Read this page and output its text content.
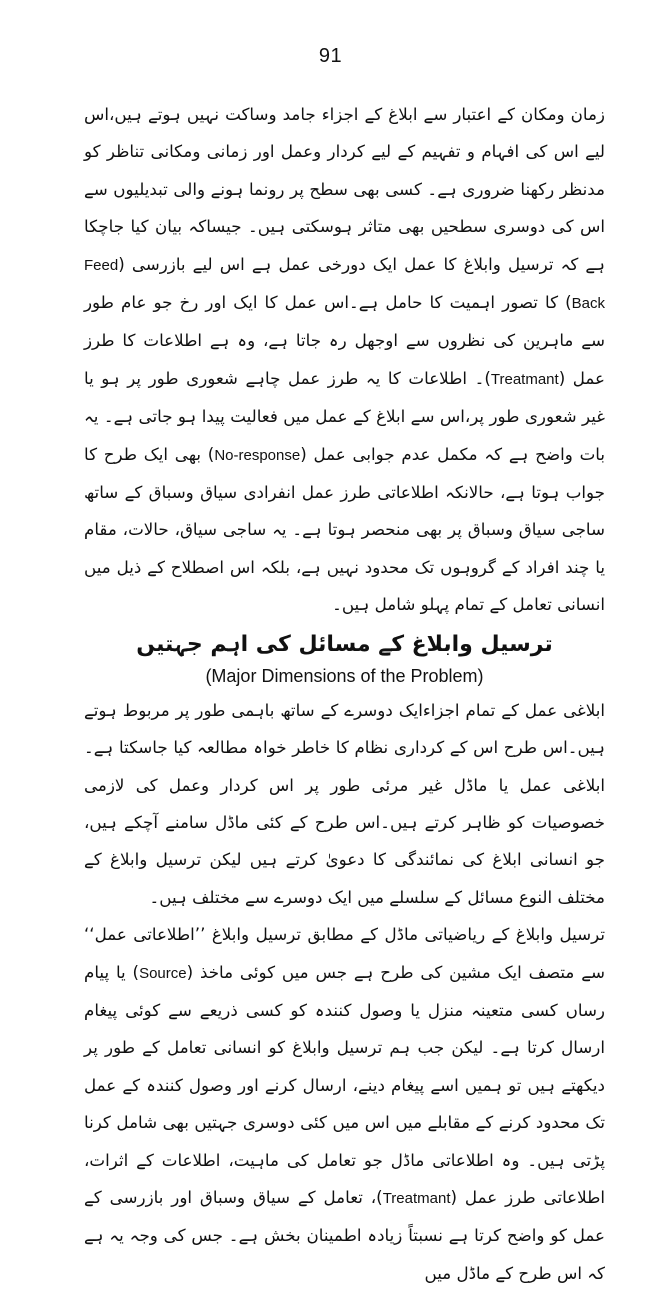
91

زمان ومکان کے اعتبار سے ابلاغ کے اجزاء جامد وساکت نہیں ہوتے ہیں،اس لیے اس کی افہام و تفہیم کے لیے کردار وعمل اور زمانی ومکانی تناظر کو مدنظر رکھنا ضروری ہے۔ کسی بھی سطح پر رونما ہونے والی تبدیلیوں سے اس کی دوسری سطحیں بھی متاثر ہوسکتی ہیں۔ جیساکہ بیان کیا جاچکا ہے کہ ترسیل وابلاغ کا عمل ایک دورخی عمل ہے اس لیے بازرسی (Feed Back) کا تصور اہمیت کا حامل ہے۔اس عمل کا ایک اور رخ جو عام طور سے ماہرین کی نظروں سے اوجھل رہ جاتا ہے، وہ ہے اطلاعات کا طرز عمل (Treatmant)۔ اطلاعات کا یہ طرز عمل چاہے شعوری طور پر ہو یا غیر شعوری طور پر،اس سے ابلاغ کے عمل میں فعالیت پیدا ہو جاتی ہے۔ یہ بات واضح ہے کہ مکمل عدم جوابی عمل (No-response) بھی ایک طرح کا جواب ہوتا ہے، حالانکہ اطلاعاتی طرز عمل انفرادی سیاق وسباق کے ساتھ ساجی سیاق وسباق پر بھی منحصر ہوتا ہے۔ یہ ساجی سیاق، حالات، مقام یا چند افراد کے گروہوں تک محدود نہیں ہے، بلکہ اس اصطلاح کے ذیل میں انسانی تعامل کے تمام پہلو شامل ہیں۔

ترسیل وابلاغ کے مسائل کی اہم جہتیں
(Major Dimensions of the Problem)

ابلاغی عمل کے تمام اجزاءایک دوسرے کے ساتھ باہمی طور پر مربوط ہوتے ہیں۔اس طرح اس کے کرداری نظام کا خاطر خواہ مطالعہ کیا جاسکتا ہے۔ ابلاغی عمل یا ماڈل غیر مرئی طور پر اس کردار وعمل کی لازمی خصوصیات کو ظاہر کرتے ہیں۔اس طرح کے کئی ماڈل سامنے آچکے ہیں، جو انسانی ابلاغ کی نمائندگی کا دعویٰ کرتے ہیں لیکن ترسیل وابلاغ کے مختلف النوع مسائل کے سلسلے میں ایک دوسرے سے مختلف ہیں۔

ترسیل وابلاغ کے ریاضیاتی ماڈل کے مطابق ترسیل وابلاغ ’’اطلاعاتی عمل‘‘ سے متصف ایک مشین کی طرح ہے جس میں کوئی ماخذ (Source) یا پیام رساں کسی متعینہ منزل یا وصول کنندہ کو کسی ذریعے سے کوئی پیغام ارسال کرتا ہے۔ لیکن جب ہم ترسیل وابلاغ کو انسانی تعامل کے طور پر دیکھتے ہیں تو ہمیں اسے پیغام دینے، ارسال کرنے اور وصول کنندہ کے عمل تک محدود کرنے کے مقابلے میں اس میں کئی دوسری جہتیں بھی شامل کرنا پڑتی ہیں۔ وہ اطلاعاتی ماڈل جو تعامل کی ماہیت، اطلاعات کے اثرات، اطلاعاتی طرز عمل (Treatmant)، تعامل کے سیاق وسباق اور بازرسی کے عمل کو واضح کرتا ہے نسبتاً زیادہ اطمینان بخش ہے۔ جس کی وجہ یہ ہے کہ اس طرح کے ماڈل میں
